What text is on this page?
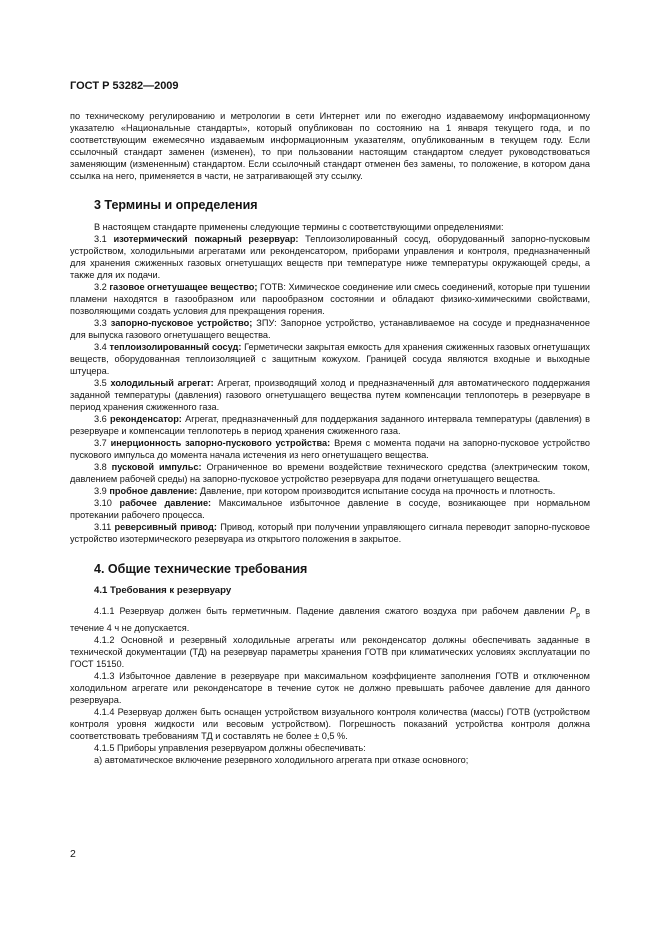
ГОСТ Р 53282—2009

по техническому регулированию и метрологии в сети Интернет или по ежегодно издаваемому информационному указателю «Национальные стандарты», который опубликован по состоянию на 1 января текущего года, и по соответствующим ежемесячно издаваемым информационным указателям, опубликованным в текущем году. Если ссылочный стандарт заменен (изменен), то при пользовании настоящим стандартом следует руководствоваться заменяющим (измененным) стандартом. Если ссылочный стандарт отменен без замены, то положение, в котором дана ссылка на него, применяется в части, не затрагивающей эту ссылку.

3 Термины и определения

В настоящем стандарте применены следующие термины с соответствующими определениями:

3.1 изотермический пожарный резервуар: Теплоизолированный сосуд, оборудованный запорно-пусковым устройством, холодильными агрегатами или реконденсатором, приборами управления и контроля, предназначенный для хранения сжиженных газовых огнетушащих веществ при температуре ниже температуры окружающей среды, а также для их подачи.

3.2 газовое огнетушащее вещество; ГОТВ: Химическое соединение или смесь соединений, которые при тушении пламени находятся в газообразном или парообразном состоянии и обладают физико-химическими свойствами, позволяющими создать условия для прекращения горения.

3.3 запорно-пусковое устройство; ЗПУ: Запорное устройство, устанавливаемое на сосуде и предназначенное для выпуска газового огнетушащего вещества.

3.4 теплоизолированный сосуд: Герметически закрытая емкость для хранения сжиженных газовых огнетушащих веществ, оборудованная теплоизоляцией с защитным кожухом. Границей сосуда являются входные и выходные штуцера.

3.5 холодильный агрегат: Агрегат, производящий холод и предназначенный для автоматического поддержания заданной температуры (давления) газового огнетушащего вещества путем компенсации теплопотерь в резервуаре в период хранения сжиженного газа.

3.6 реконденсатор: Агрегат, предназначенный для поддержания заданного интервала температуры (давления) в резервуаре и компенсации теплопотерь в период хранения сжиженного газа.

3.7 инерционность запорно-пускового устройства: Время с момента подачи на запорно-пусковое устройство пускового импульса до момента начала истечения из него огнетушащего вещества.

3.8 пусковой импульс: Ограниченное во времени воздействие технического средства (электрическим током, давлением рабочей среды) на запорно-пусковое устройство резервуара для подачи огнетушащего вещества.

3.9 пробное давление: Давление, при котором производится испытание сосуда на прочность и плотность.

3.10 рабочее давление: Максимальное избыточное давление в сосуде, возникающее при нормальном протекании рабочего процесса.

3.11 реверсивный привод: Привод, который при получении управляющего сигнала переводит запорно-пусковое устройство изотермического резервуара из открытого положения в закрытое.

4. Общие технические требования

4.1 Требования к резервуару

4.1.1 Резервуар должен быть герметичным. Падение давления сжатого воздуха при рабочем давлении $P_р$ в течение 4 ч не допускается.

4.1.2 Основной и резервный холодильные агрегаты или реконденсатор должны обеспечивать заданные в технической документации (ТД) на резервуар параметры хранения ГОТВ при климатических условиях эксплуатации по ГОСТ 15150.

4.1.3 Избыточное давление в резервуаре при максимальном коэффициенте заполнения ГОТВ и отключенном холодильном агрегате или реконденсаторе в течение суток не должно превышать рабочее давление для данного резервуара.

4.1.4 Резервуар должен быть оснащен устройством визуального контроля количества (массы) ГОТВ (устройством контроля уровня жидкости или весовым устройством). Погрешность показаний устройства контроля должна соответствовать требованиям ТД и составлять не более ± 0,5 %.

4.1.5 Приборы управления резервуаром должны обеспечивать:

а) автоматическое включение резервного холодильного агрегата при отказе основного;

2
